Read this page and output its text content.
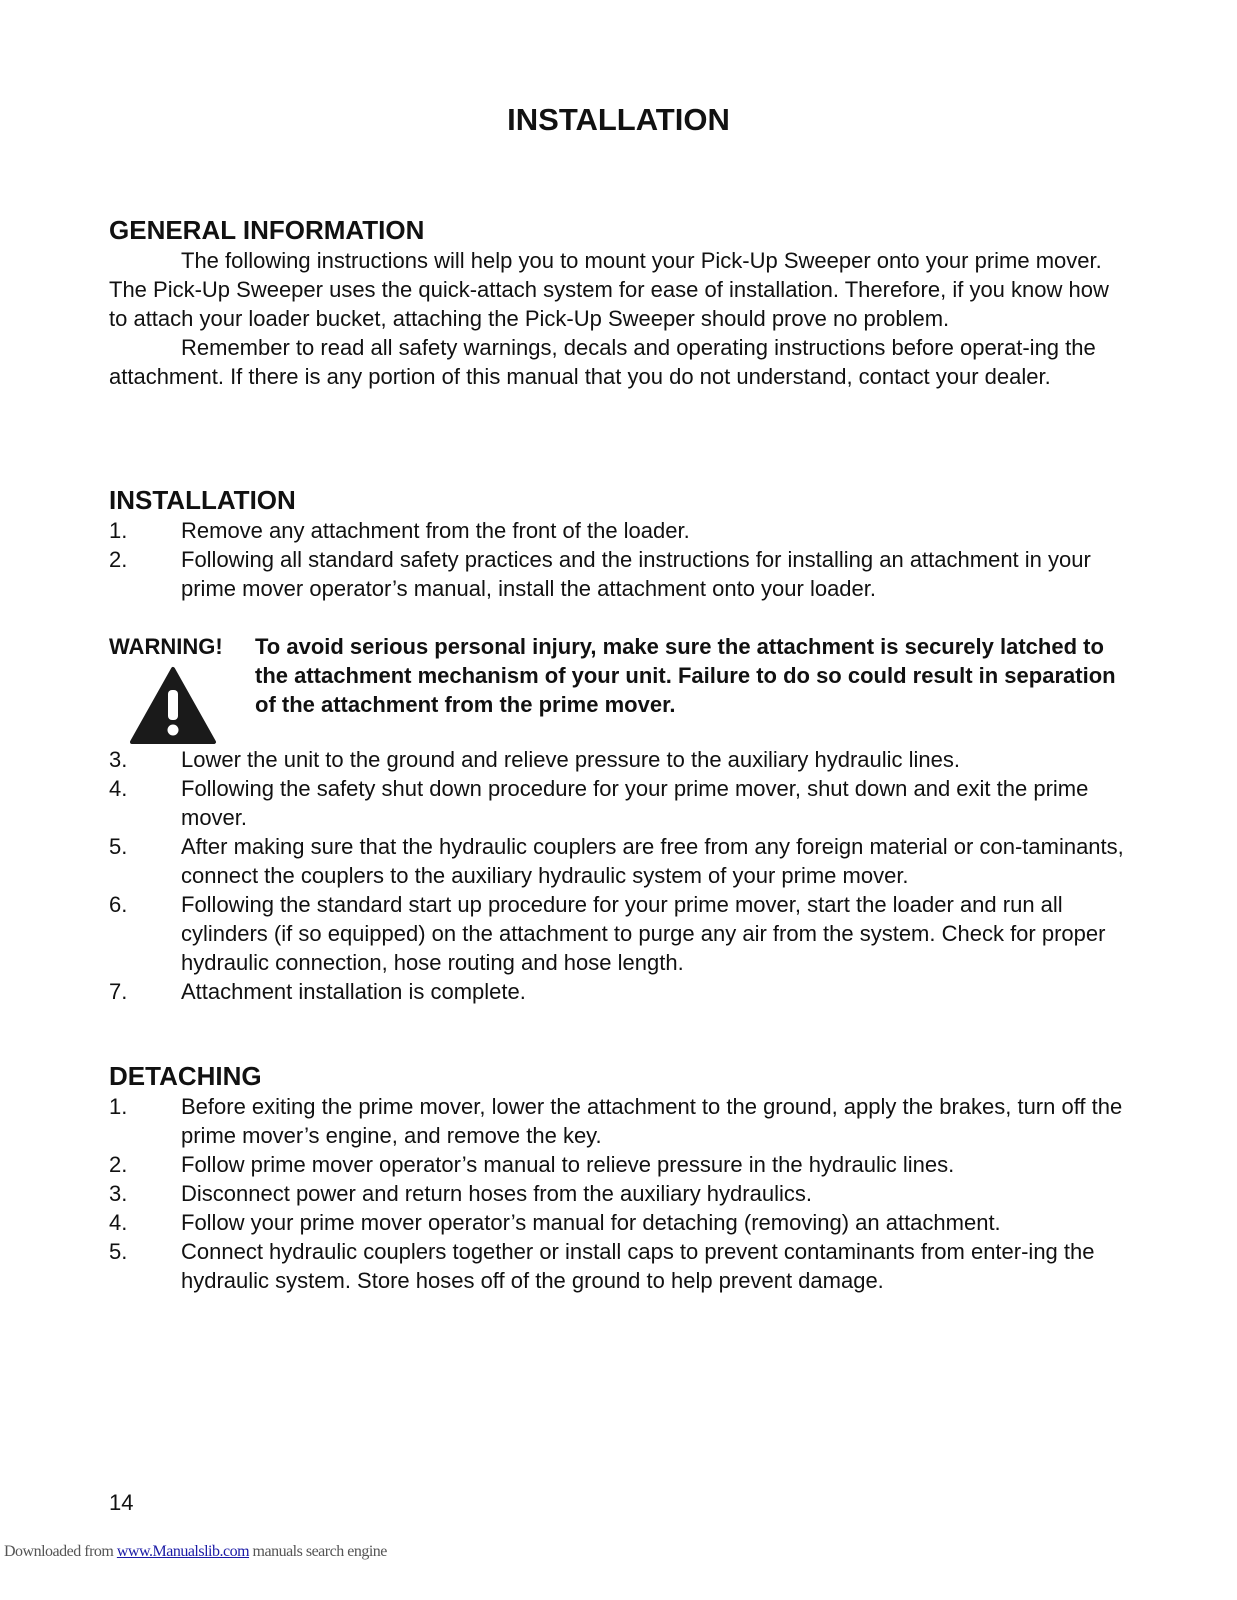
INSTALLATION
GENERAL INFORMATION

The following instructions will help you to mount your Pick-Up Sweeper onto your prime mover. The Pick-Up Sweeper uses the quick-attach system for ease of installation. Therefore, if you know how to attach your loader bucket, attaching the Pick-Up Sweeper should prove no problem.

Remember to read all safety warnings, decals and operating instructions before operat-ing the attachment. If there is any portion of this manual that you do not understand, contact your dealer.

INSTALLATION
1.	Remove any attachment from the front of the loader.
2.	Following all standard safety practices and the instructions for installing an attachment in your prime mover operator’s manual, install the attachment onto your loader.
WARNING!	To avoid serious personal injury, make sure the attachment is securely latched to the attachment mechanism of your unit. Failure to do so could result in separation of the attachment from the prime mover.
3.	Lower the unit to the ground and relieve pressure to the auxiliary hydraulic lines.
4.	Following the safety shut down procedure for your prime mover, shut down and exit the prime mover.
5.	After making sure that the hydraulic couplers are free from any foreign material or con-taminants, connect the couplers to the auxiliary hydraulic system of your prime mover.
6.	Following the standard start up procedure for your prime mover, start the loader and run all cylinders (if so equipped) on the attachment to purge any air from the system. Check for proper hydraulic connection, hose routing and hose length.
7.	Attachment installation is complete.
DETACHING
1.	Before exiting the prime mover, lower the attachment to the ground, apply the brakes, turn off the prime mover’s engine, and remove the key.
2.	Follow prime mover operator’s manual to relieve pressure in the hydraulic lines.
3.	Disconnect power and return hoses from the auxiliary hydraulics.
4.	Follow your prime mover operator’s manual for detaching (removing) an attachment.
5.	Connect hydraulic couplers together or install caps to prevent contaminants from enter-ing the hydraulic system. Store hoses off of the ground to help prevent damage.
14
Downloaded from www.Manualslib.com manuals search engine
